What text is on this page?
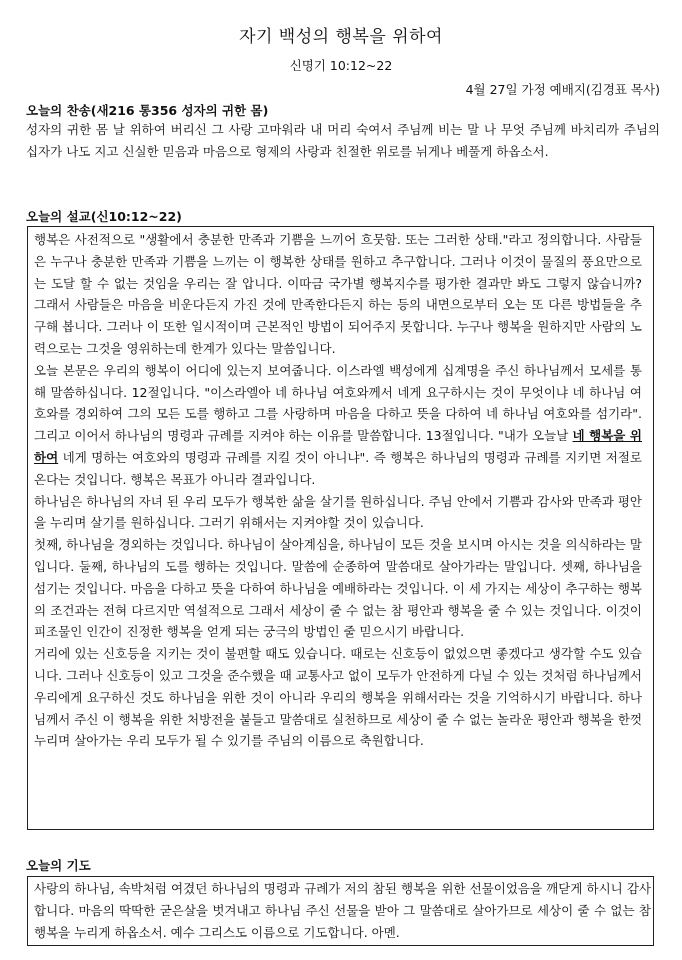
자기 백성의 행복을 위하여
신명기 10:12~22
4월 27일 가정 예배지(김경표 목사)
오늘의 찬송(새216 통356 성자의 귀한 몸)
성자의 귀한 몸 날 위하여 버리신 그 사랑 고마워라 내 머리 숙여서 주님께 비는 말 나 무엇 주님께 바치리까 주님의 십자가 나도 지고 신실한 믿음과 마음으로 형제의 사랑과 친절한 위로를 뉘게나 베풀게 하옵소서.
오늘의 설교(신10:12~22)

행복은 사전적으로 "생활에서 충분한 만족과 기쁨을 느끼어 흐뭇함. 또는 그러한 상태."라고 정의합니다. 사람들은 누구나 충분한 만족과 기쁨을 느끼는 이 행복한 상태를 원하고 추구합니다. 그러나 이것이 물질의 풍요만으로는 도달 할 수 없는 것임을 우리는 잘 압니다. 이따금 국가별 행복지수를 평가한 결과만 봐도 그렇지 않습니까? 그래서 사람들은 마음을 비운다든지 가진 것에 만족한다든지 하는 등의 내면으로부터 오는 또 다른 방법들을 추구해 봅니다. 그러나 이 또한 일시적이며 근본적인 방법이 되어주지 못합니다. 누구나 행복을 원하지만 사람의 노력으로는 그것을 영위하는데 한계가 있다는 말씀입니다.

오늘 본문은 우리의 행복이 어디에 있는지 보여줍니다. 이스라엘 백성에게 십계명을 주신 하나님께서 모세를 통해 말씀하십니다. 12절입니다. "이스라엘아 네 하나님 여호와께서 네게 요구하시는 것이 무엇이냐 네 하나님 여호와를 경외하여 그의 모든 도를 행하고 그를 사랑하며 마음을 다하고 뜻을 다하여 네 하나님 여호와를 섬기라". 그리고 이어서 하나님의 명령과 규례를 지켜야 하는 이유를 말씀합니다. 13절입니다. "내가 오늘날 네 행복을 위하여 네게 명하는 여호와의 명령과 규례를 지킬 것이 아니냐". 즉 행복은 하나님의 명령과 규례를 지키면 저절로 온다는 것입니다. 행복은 목표가 아니라 결과입니다.

하나님은 하나님의 자녀 된 우리 모두가 행복한 삶을 살기를 원하십니다. 주님 안에서 기쁨과 감사와 만족과 평안을 누리며 살기를 원하십니다. 그러기 위해서는 지켜야할 것이 있습니다.

첫째, 하나님을 경외하는 것입니다. 하나님이 살아계심을, 하나님이 모든 것을 보시며 아시는 것을 의식하라는 말입니다. 둘째, 하나님의 도를 행하는 것입니다. 말씀에 순종하여 말씀대로 살아가라는 말입니다. 셋째, 하나님을 섬기는 것입니다. 마음을 다하고 뜻을 다하여 하나님을 예배하라는 것입니다. 이 세 가지는 세상이 추구하는 행복의 조건과는 전혀 다르지만 역설적으로 그래서 세상이 줄 수 없는 참 평안과 행복을 줄 수 있는 것입니다. 이것이 피조물인 인간이 진정한 행복을 얻게 되는 궁극의 방법인 줄 믿으시기 바랍니다.

거리에 있는 신호등을 지키는 것이 불편할 때도 있습니다. 때로는 신호등이 없었으면 좋겠다고 생각할 수도 있습니다. 그러나 신호등이 있고 그것을 준수했을 때 교통사고 없이 모두가 안전하게 다닐 수 있는 것처럼 하나님께서 우리에게 요구하신 것도 하나님을 위한 것이 아니라 우리의 행복을 위해서라는 것을 기억하시기 바랍니다. 하나님께서 주신 이 행복을 위한 처방전을 붙들고 말씀대로 실천하므로 세상이 줄 수 없는 놀라운 평안과 행복을 한껏 누리며 살아가는 우리 모두가 될 수 있기를 주님의 이름으로 축원합니다.

오늘의 기도
사랑의 하나님, 속박처럼 여겼던 하나님의 명령과 규례가 저의 참된 행복을 위한 선물이었음을 깨닫게 하시니 감사합니다. 마음의 딱딱한 굳은살을 벗겨내고 하나님 주신 선물을 받아 그 말씀대로 살아가므로 세상이 줄 수 없는 참 행복을 누리게 하옵소서. 예수 그리스도 이름으로 기도합니다. 아멘.
